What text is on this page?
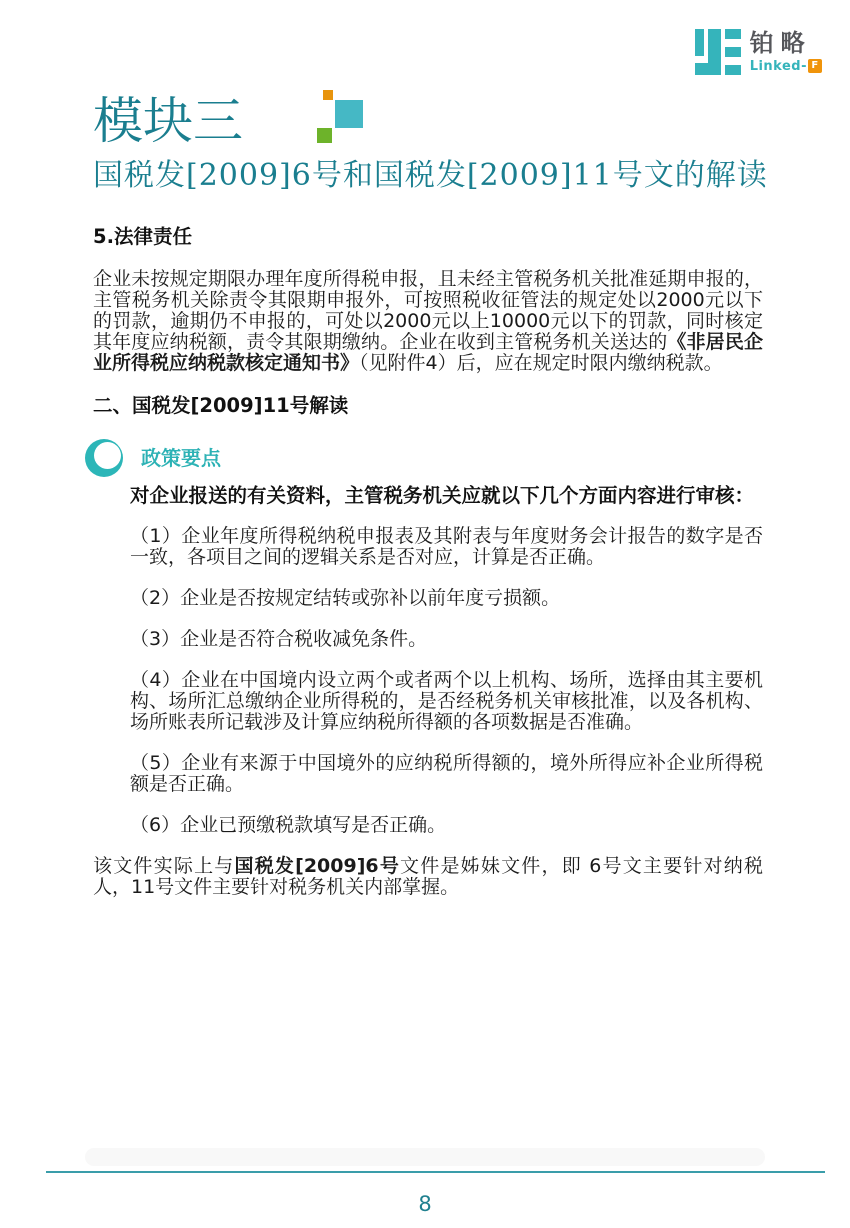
铂略
Linked- F
模块三
国税发[2009]6号和国税发[2009]11号文的解读
5.法律责任

企业未按规定期限办理年度所得税申报，且未经主管税务机关批准延期申报的，主管税务机关除责令其限期申报外，可按照税收征管法的规定处以2000元以下的罚款，逾期仍不申报的，可处以2000元以上10000元以下的罚款，同时核定其年度应纳税额，责令其限期缴纳。企业在收到主管税务机关送达的《非居民企业所得税应纳税款核定通知书》（见附件4）后，应在规定时限内缴纳税款。

二、国税发[2009]11号解读
政策要点

对企业报送的有关资料，主管税务机关应就以下几个方面内容进行审核：

（1）企业年度所得税纳税申报表及其附表与年度财务会计报告的数字是否一致，各项目之间的逻辑关系是否对应，计算是否正确。

（2）企业是否按规定结转或弥补以前年度亏损额。

（3）企业是否符合税收减免条件。

（4）企业在中国境内设立两个或者两个以上机构、场所，选择由其主要机构、场所汇总缴纳企业所得税的，是否经税务机关审核批准，以及各机构、场所账表所记载涉及计算应纳税所得额的各项数据是否准确。

（5）企业有来源于中国境外的应纳税所得额的，境外所得应补企业所得税额是否正确。

（6）企业已预缴税款填写是否正确。

该文件实际上与国税发[2009]6号文件是姊妹文件，即 6号文主要针对纳税人，11号文件主要针对税务机关内部掌握。

8
